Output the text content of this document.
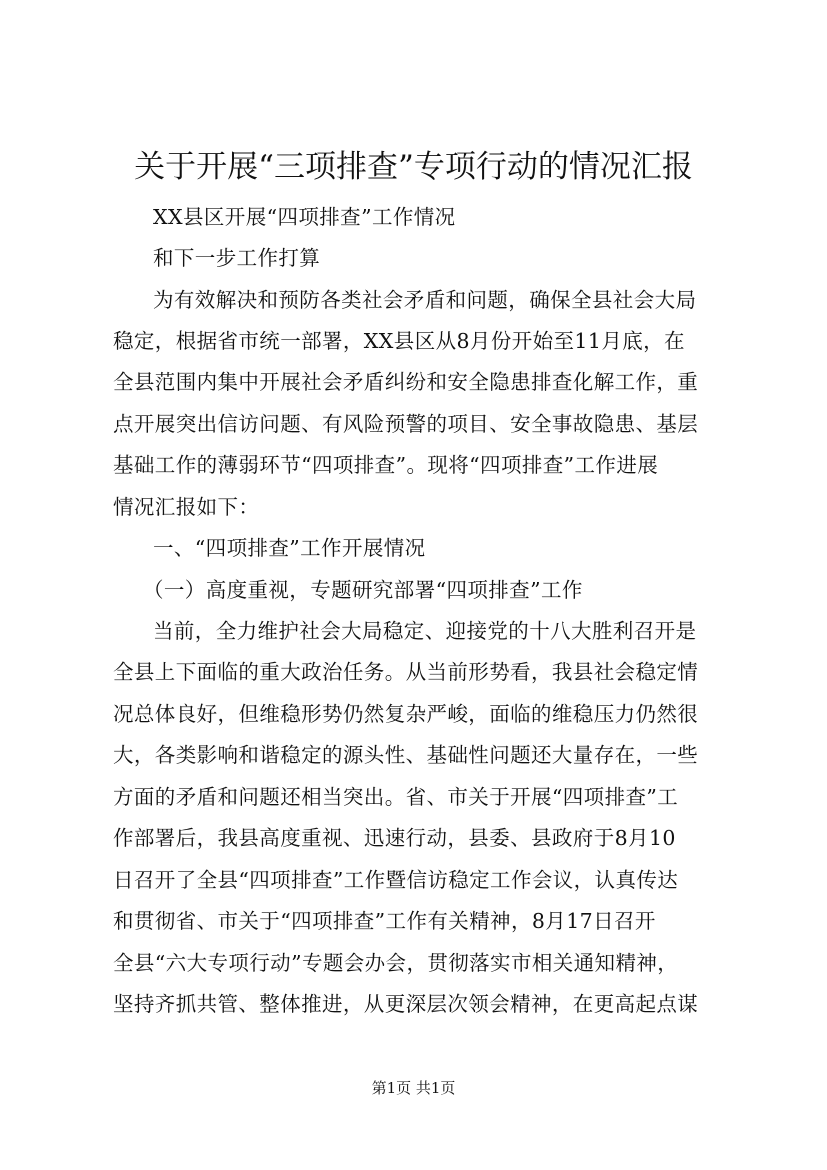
关于开展“三项排查”专项行动的情况汇报
XX县区开展“四项排查”工作情况
和下一步工作打算
为有效解决和预防各类社会矛盾和问题，确保全县社会大局
稳定，根据省市统一部署，XX县区从8月份开始至11月底，在
全县范围内集中开展社会矛盾纠纷和安全隐患排查化解工作，重
点开展突出信访问题、有风险预警的项目、安全事故隐患、基层
基础工作的薄弱环节“四项排查”。现将“四项排查”工作进展
情况汇报如下：
一、“四项排查”工作开展情况
（一）高度重视，专题研究部署“四项排查”工作
当前，全力维护社会大局稳定、迎接党的十八大胜利召开是
全县上下面临的重大政治任务。从当前形势看，我县社会稳定情
况总体良好，但维稳形势仍然复杂严峻，面临的维稳压力仍然很
大，各类影响和谐稳定的源头性、基础性问题还大量存在，一些
方面的矛盾和问题还相当突出。省、市关于开展“四项排查”工
作部署后，我县高度重视、迅速行动，县委、县政府于8月10
日召开了全县“四项排查”工作暨信访稳定工作会议，认真传达
和贯彻省、市关于“四项排查”工作有关精神，8月17日召开
全县“六大专项行动”专题会办会，贯彻落实市相关通知精神，
坚持齐抓共管、整体推进，从更深层次领会精神，在更高起点谋
第1页 共1页
